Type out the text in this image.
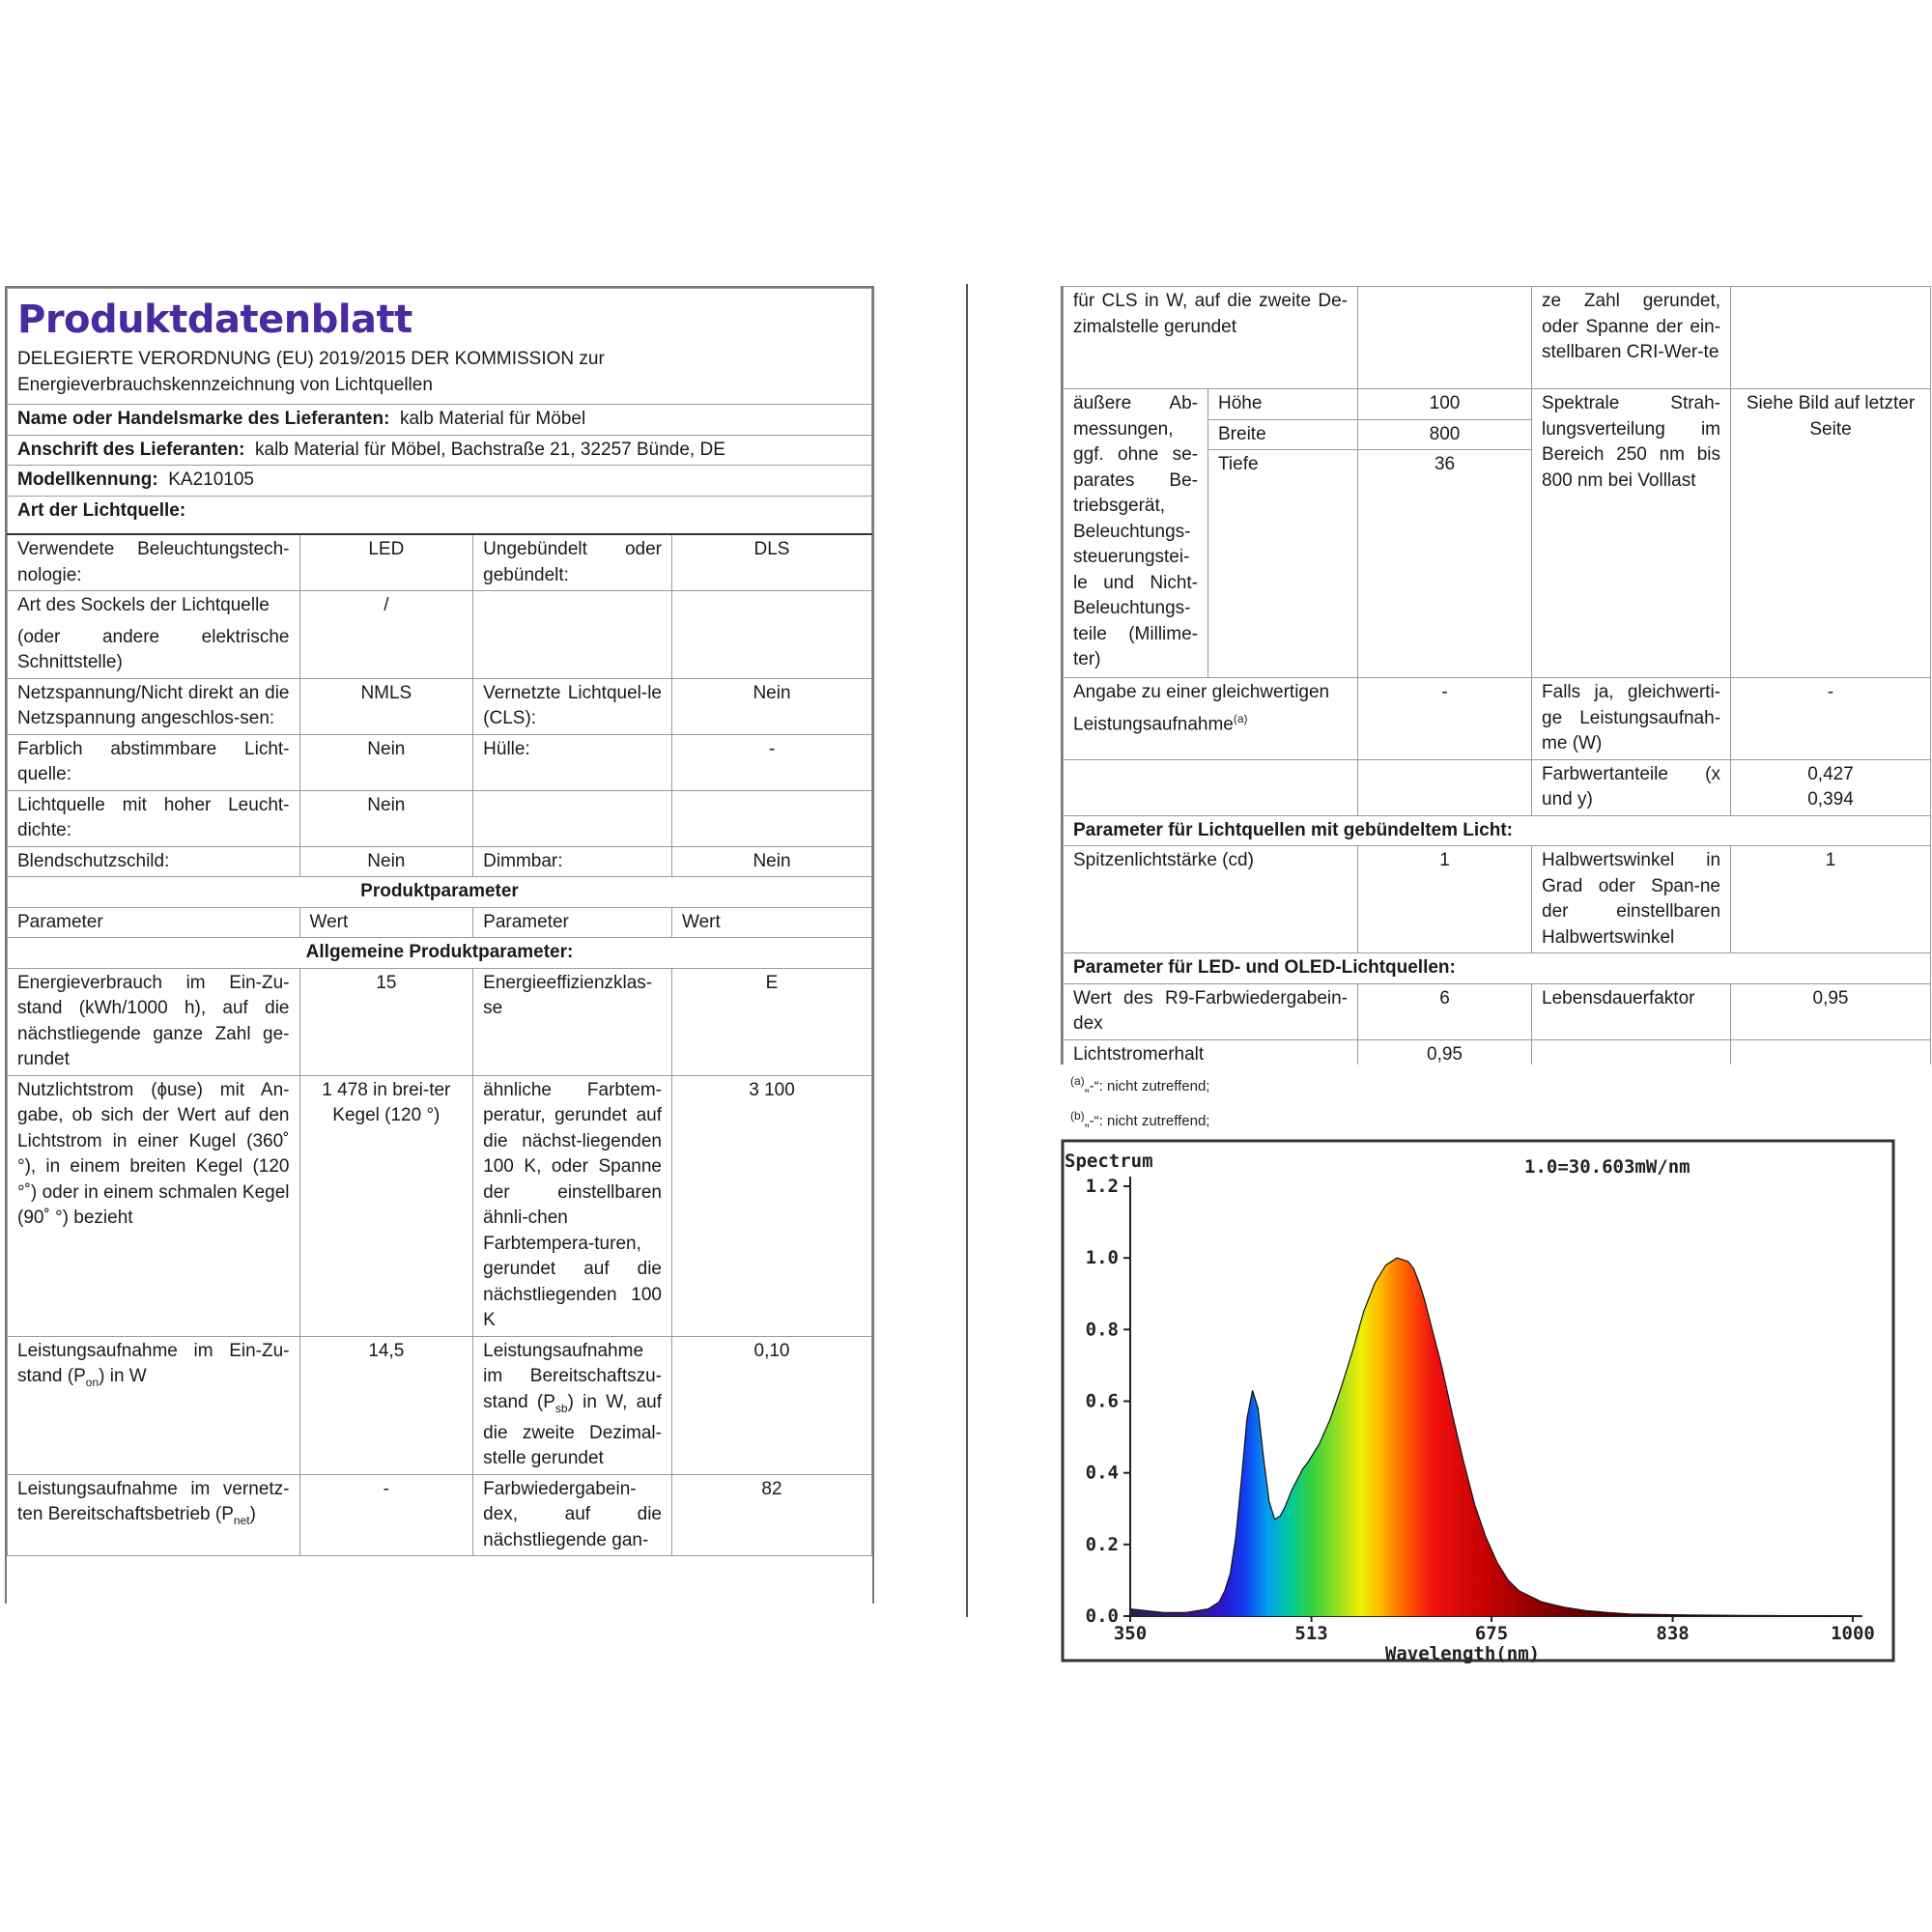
Produktdatenblatt
DELEGIERTE VERORDNUNG (EU) 2019/2015 DER KOMMISSION zur Energieverbrauchskennzeichnung von Lichtquellen			

Name oder Handelsmarke des Lieferanten: kalb Material für Möbel			
Anschrift des Lieferanten: kalb Material für Möbel, Bachstraße 21, 32257 Bünde, DE			
Modellkennung: KA210105			
Art der Lichtquelle:			
Verwendete Beleuchtungstech-nologie:	LED	Ungebündelt oder gebündelt:	DLS

Art des Sockels der Lichtquelle
(oder andere elektrische Schnittstelle)	/		
Netzspannung/Nicht direkt an die Netzspannung angeschlos-sen:	NMLS	Vernetzte Lichtquel-le (CLS):	Nein
Farblich abstimmbare Licht-quelle:	Nein	Hülle:	-
Lichtquelle mit hoher Leucht-dichte:	Nein		
Blendschutzschild:	Nein	Dimmbar:	Nein
Produktparameter			
Parameter	Wert	Parameter	Wert
Allgemeine Produktparameter:			
Energieverbrauch im Ein-Zu-stand (kWh/1000 h), auf die nächstliegende ganze Zahl ge-rundet	15	Energieeffizienzklas-se	E
Nutzlichtstrom (ɸuse) mit An-gabe, ob sich der Wert auf den Lichtstrom in einer Kugel (360˚ °), in einem breiten Kegel (120 °˚) oder in einem schmalen Kegel (90˚ °) bezieht	1 478 in brei-ter Kegel (120 °)	ähnliche Farbtem-peratur, gerundet auf die nächst-liegenden 100 K, oder Spanne der einstellbaren ähnli-chen Farbtempera-turen, gerundet auf die nächstliegenden 100 K	3 100
Leistungsaufnahme im Ein-Zu-stand $(P_{on})$ in W	14,5	Leistungsaufnahme im Bereitschaftszu-stand $(P_{sb})$ in W, auf die zweite Dezimal-stelle gerundet	0,10
Leistungsaufnahme im vernetz-ten Bereitschaftsbetrieb $(P_{net})$	-	Farbwiedergabein-dex, auf die nächstliegende gan-	82
für CLS in W, auf die zweite De-zimalstelle gerundet			ze Zahl gerundet, oder Spanne der ein-stellbaren CRI-Wer-te	
äußere Ab-messungen, ggf. ohne se-parates Be-triebsgerät, Beleuchtungs-steuerungstei-le und Nicht-Beleuchtungs-teile (Millime-ter)	Höhe	100	Spektrale Strah-lungsverteilung im Bereich 250 nm bis 800 nm bei Volllast	Siehe Bild auf letzter Seite
	Breite	800		
	Tiefe	36		
Angabe zu einer gleichwertigen Leistungsaufnahme$^{(a)}$		-	Falls ja, gleichwerti-ge Leistungsaufnah-me (W)	-
			Farbwertanteile (x und y)	0,427
0,394

Parameter für Lichtquellen mit gebündeltem Licht:				
Spitzenlichtstärke (cd)		1	Halbwertswinkel in Grad oder Span-ne der einstellbaren Halbwertswinkel	1
Parameter für LED- und OLED-Lichtquellen:				
Wert des R9-Farbwiedergabein-dex		6	Lebensdauerfaktor	0,95
Lichtstromerhalt		0,95		
$^{(a)}$„-“: nicht zutreffend;
$^{(b)}$„-“: nicht zutreffend;
0.0
0.2
0.4
0.6
0.8
1.0
1.2
350	513	675	838	1000
Spectrum	1.0=30.603mW/nm
Wavelength(nm)
